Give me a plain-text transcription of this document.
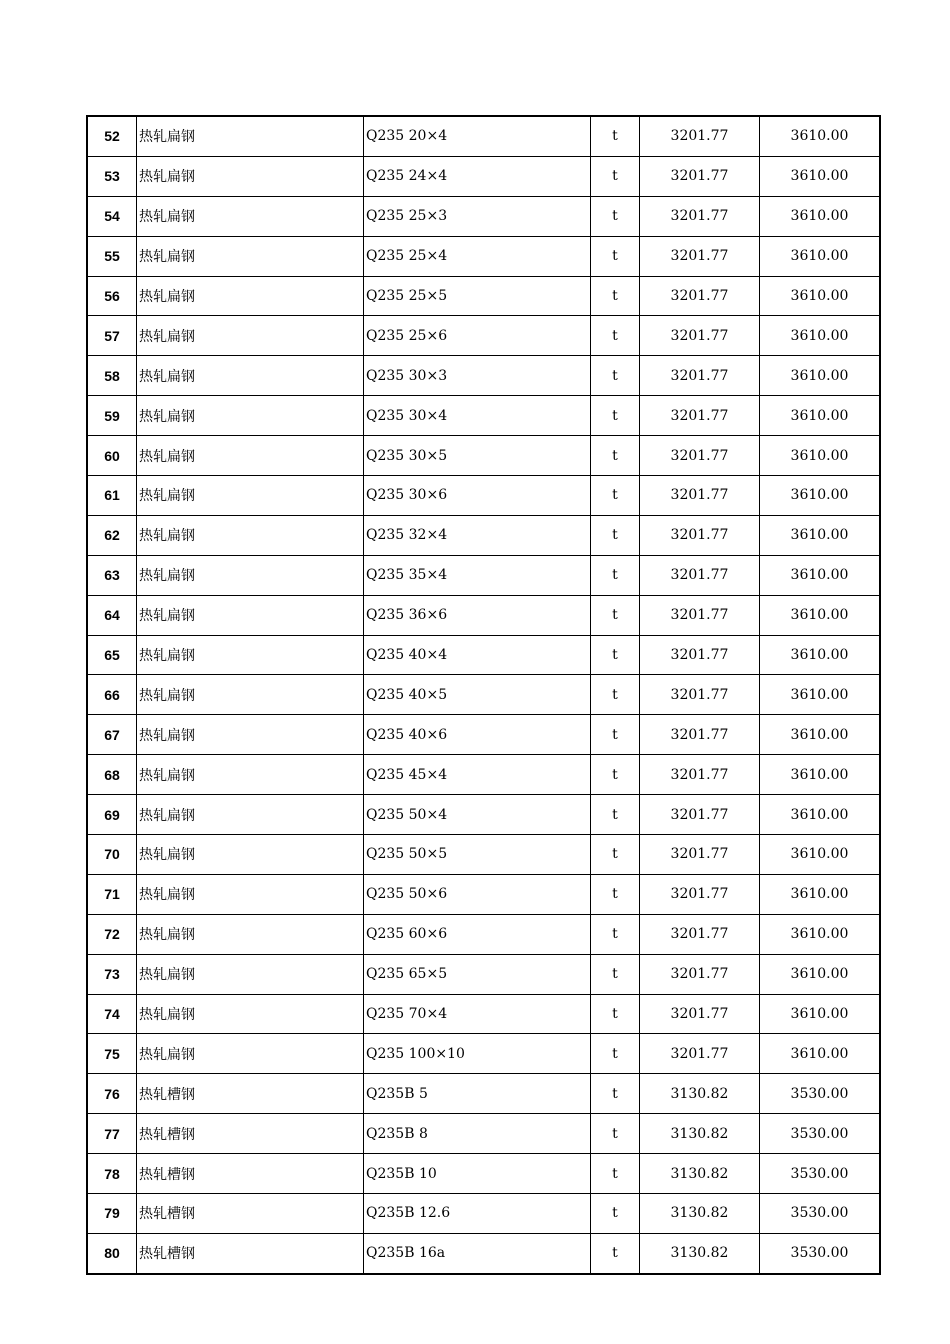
52	热轧扁钢	Q235 20×4	t	3201.77	3610.00
53	热轧扁钢	Q235 24×4	t	3201.77	3610.00
54	热轧扁钢	Q235 25×3	t	3201.77	3610.00
55	热轧扁钢	Q235 25×4	t	3201.77	3610.00
56	热轧扁钢	Q235 25×5	t	3201.77	3610.00
57	热轧扁钢	Q235 25×6	t	3201.77	3610.00
58	热轧扁钢	Q235 30×3	t	3201.77	3610.00
59	热轧扁钢	Q235 30×4	t	3201.77	3610.00
60	热轧扁钢	Q235 30×5	t	3201.77	3610.00
61	热轧扁钢	Q235 30×6	t	3201.77	3610.00
62	热轧扁钢	Q235 32×4	t	3201.77	3610.00
63	热轧扁钢	Q235 35×4	t	3201.77	3610.00
64	热轧扁钢	Q235 36×6	t	3201.77	3610.00
65	热轧扁钢	Q235 40×4	t	3201.77	3610.00
66	热轧扁钢	Q235 40×5	t	3201.77	3610.00
67	热轧扁钢	Q235 40×6	t	3201.77	3610.00
68	热轧扁钢	Q235 45×4	t	3201.77	3610.00
69	热轧扁钢	Q235 50×4	t	3201.77	3610.00
70	热轧扁钢	Q235 50×5	t	3201.77	3610.00
71	热轧扁钢	Q235 50×6	t	3201.77	3610.00
72	热轧扁钢	Q235 60×6	t	3201.77	3610.00
73	热轧扁钢	Q235 65×5	t	3201.77	3610.00
74	热轧扁钢	Q235 70×4	t	3201.77	3610.00
75	热轧扁钢	Q235 100×10	t	3201.77	3610.00
76	热轧槽钢	Q235B 5	t	3130.82	3530.00
77	热轧槽钢	Q235B 8	t	3130.82	3530.00
78	热轧槽钢	Q235B 10	t	3130.82	3530.00
79	热轧槽钢	Q235B 12.6	t	3130.82	3530.00
80	热轧槽钢	Q235B 16a	t	3130.82	3530.00
